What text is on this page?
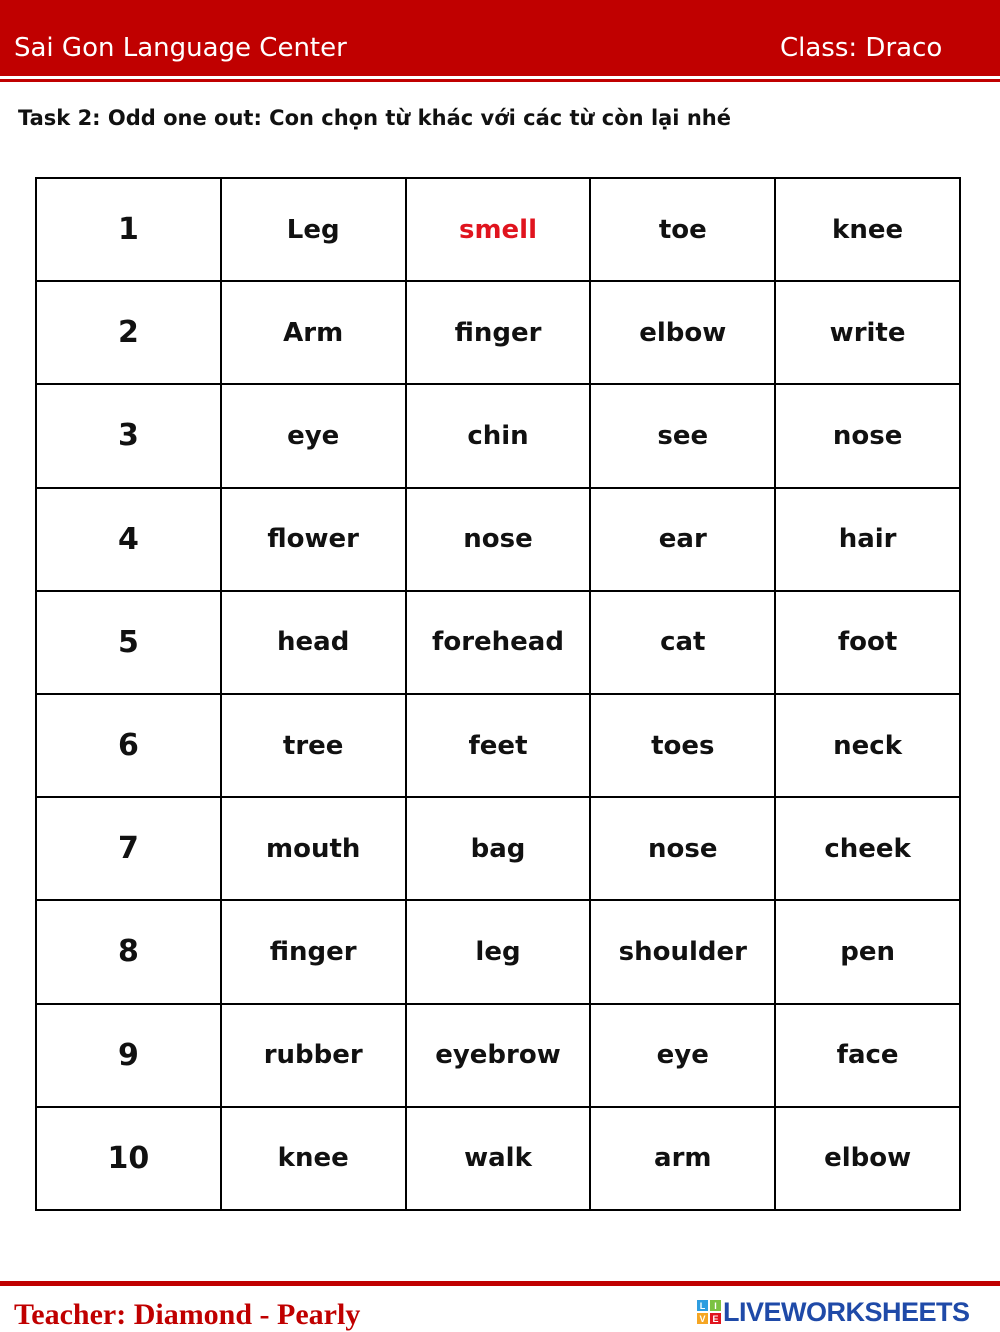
Sai Gon Language Center	Class: Draco
Task 2: Odd one out: Con chọn từ khác với các từ còn lại nhé
1	Leg	smell	toe	knee
2	Arm	finger	elbow	write
3	eye	chin	see	nose
4	flower	nose	ear	hair
5	head	forehead	cat	foot
6	tree	feet	toes	neck
7	mouth	bag	nose	cheek
8	finger	leg	shoulder	pen
9	rubber	eyebrow	eye	face
10	knee	walk	arm	elbow
Teacher: Diamond - Pearly	L I
V E LIVEWORKSHEETS
